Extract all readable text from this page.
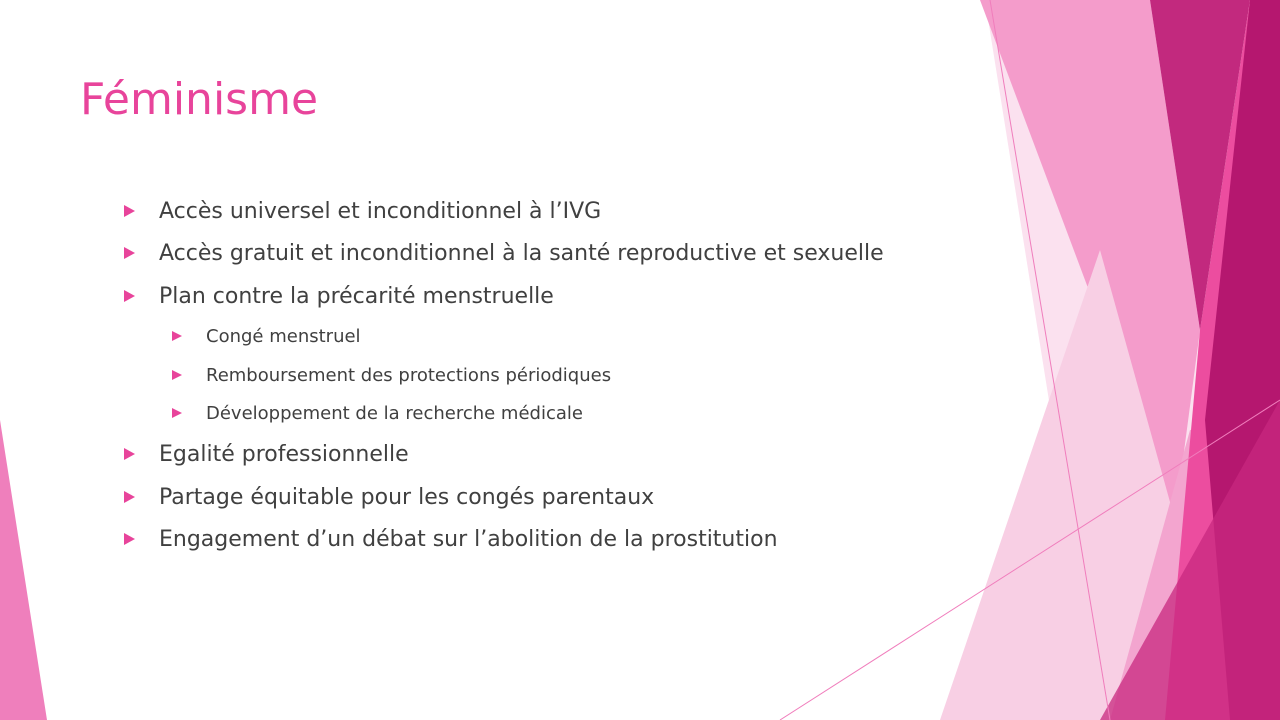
Féminisme
Accès universel et inconditionnel à l’IVG
Accès gratuit et inconditionnel à la santé reproductive et sexuelle
Plan contre la précarité menstruelle
Congé menstruel
Remboursement des protections périodiques
Développement de la recherche médicale
Egalité professionnelle
Partage équitable pour les congés parentaux
Engagement d’un débat sur l’abolition de la prostitution
